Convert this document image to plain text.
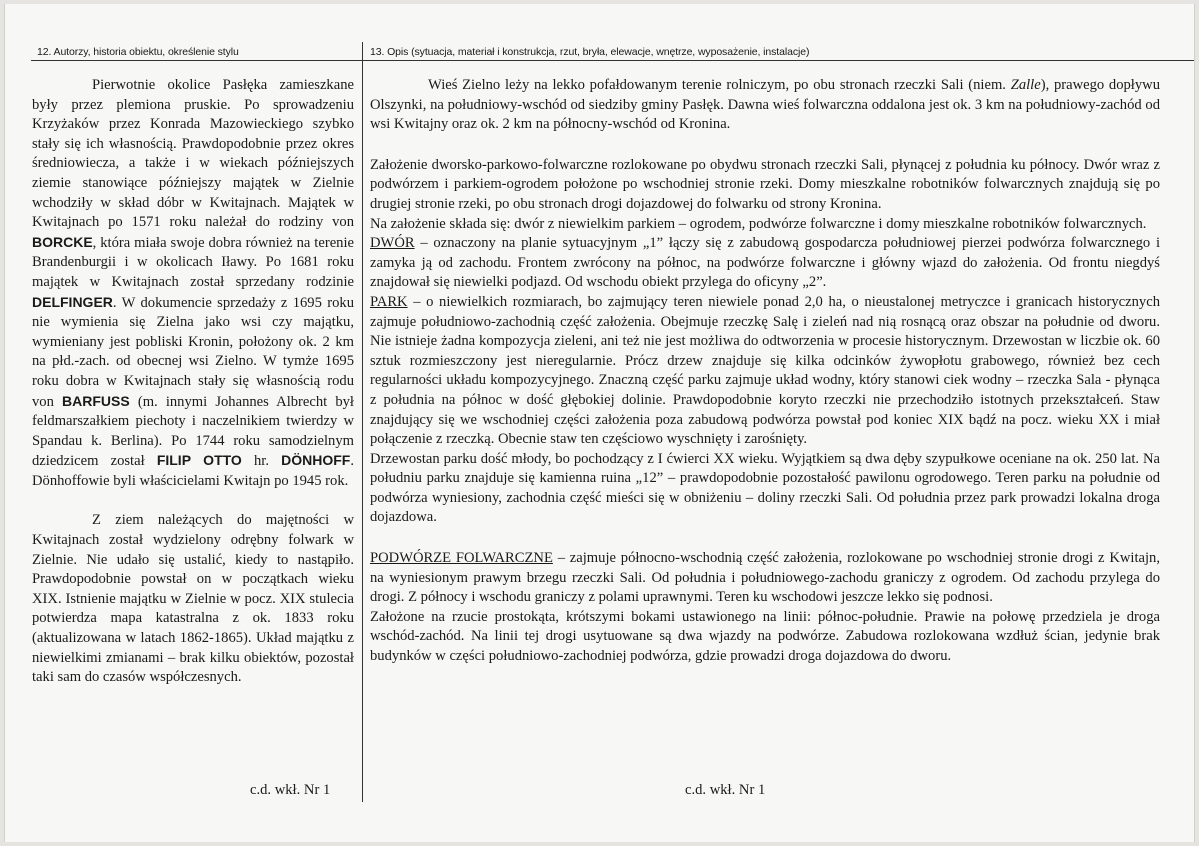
12. Autorzy, historia obiektu, określenie stylu	13. Opis (sytuacja, materiał i konstrukcja, rzut, bryła, elewacje, wnętrze, wyposażenie, instalacje)

Pierwotnie okolice Pasłęka zamieszkane były przez plemiona pruskie. Po sprowadzeniu Krzyżaków przez Konrada Mazowieckiego szybko stały się ich własnością. Prawdopodobnie przez okres średniowiecza, a także i w wiekach późniejszych ziemie stanowiące późniejszy majątek w Zielnie wchodziły w skład dóbr w Kwitajnach. Majątek w Kwitajnach po 1571 roku należał do rodziny von BORCKE, która miała swoje dobra również na terenie Brandenburgii i w okolicach Iławy. Po 1681 roku majątek w Kwitajnach został sprzedany rodzinie DELFINGER. W dokumencie sprzedaży z 1695 roku nie wymienia się Zielna jako wsi czy majątku, wymieniany jest pobliski Kronin, położony ok. 2 km na płd.-zach. od obecnej wsi Zielno. W tymże 1695 roku dobra w Kwitajnach stały się własnością rodu von BARFUSS (m. innymi Johannes Albrecht był feldmarszałkiem piechoty i naczelnikiem twierdzy w Spandau k. Berlina). Po 1744 roku samodzielnym dziedzicem został FILIP OTTO hr. DÖNHOFF. Dönhoffowie byli właścicielami Kwitajn po 1945 rok.

Z ziem należących do majętności w Kwitajnach został wydzielony odrębny folwark w Zielnie. Nie udało się ustalić, kiedy to nastąpiło. Prawdopodobnie powstał on w początkach wieku XIX. Istnienie majątku w Zielnie w pocz. XIX stulecia potwierdza mapa katastralna z ok. 1833 roku (aktualizowana w latach 1862-1865). Układ majątku z niewielkimi zmianami – brak kilku obiektów, pozostał taki sam do czasów współczesnych.

c.d. wkł. Nr 1

Wieś Zielno leży na lekko pofałdowanym terenie rolniczym, po obu stronach rzeczki Sali (niem. Zalle), prawego dopływu Olszynki, na południowy-wschód od siedziby gminy Pasłęk. Dawna wieś folwarczna oddalona jest ok. 3 km na południowy-zachód od wsi Kwitajny oraz ok. 2 km na północny-wschód od Kronina.

Założenie dworsko-parkowo-folwarczne rozlokowane po obydwu stronach rzeczki Sali, płynącej z południa ku północy. Dwór wraz z podwórzem i parkiem-ogrodem położone po wschodniej stronie rzeki. Domy mieszkalne robotników folwarcznych znajdują się po drugiej stronie rzeki, po obu stronach drogi dojazdowej do folwarku od strony Kronina.

Na założenie składa się: dwór z niewielkim parkiem – ogrodem, podwórze folwarczne i domy mieszkalne robotników folwarcznych.

DWÓR – oznaczony na planie sytuacyjnym „1” łączy się z zabudową gospodarcza południowej pierzei podwórza folwarcznego i zamyka ją od zachodu. Frontem zwrócony na północ, na podwórze folwarczne i główny wjazd do założenia. Od frontu niegdyś znajdował się niewielki podjazd. Od wschodu obiekt przylega do oficyny „2”.

PARK – o niewielkich rozmiarach, bo zajmujący teren niewiele ponad 2,0 ha, o nieustalonej metryczce i granicach historycznych zajmuje południowo-zachodnią część założenia. Obejmuje rzeczkę Salę i zieleń nad nią rosnącą oraz obszar na południe od dworu. Nie istnieje żadna kompozycja zieleni, ani też nie jest możliwa do odtworzenia w procesie historycznym. Drzewostan w liczbie ok. 60 sztuk rozmieszczony jest nieregularnie. Prócz drzew znajduje się kilka odcinków żywopłotu grabowego, również bez cech regularności układu kompozycyjnego. Znaczną część parku zajmuje układ wodny, który stanowi ciek wodny – rzeczka Sala - płynąca z południa na północ w dość głębokiej dolinie. Prawdopodobnie koryto rzeczki nie przechodziło istotnych przekształceń. Staw znajdujący się we wschodniej części założenia poza zabudową podwórza powstał pod koniec XIX bądź na pocz. wieku XX i miał połączenie z rzeczką. Obecnie staw ten częściowo wyschnięty i zarośnięty.

Drzewostan parku dość młody, bo pochodzący z I ćwierci XX wieku. Wyjątkiem są dwa dęby szypułkowe oceniane na ok. 250 lat. Na południu parku znajduje się kamienna ruina „12” – prawdopodobnie pozostałość pawilonu ogrodowego. Teren parku na południe od podwórza wyniesiony, zachodnia część mieści się w obniżeniu – doliny rzeczki Sali. Od południa przez park prowadzi lokalna droga dojazdowa.

PODWÓRZE FOLWARCZNE – zajmuje północno-wschodnią część założenia, rozlokowane po wschodniej stronie drogi z Kwitajn, na wyniesionym prawym brzegu rzeczki Sali. Od południa i południowego-zachodu graniczy z ogrodem. Od zachodu przylega do drogi. Z północy i wschodu graniczy z polami uprawnymi. Teren ku wschodowi jeszcze lekko się podnosi.

Założone na rzucie prostokąta, krótszymi bokami ustawionego na linii: północ-południe. Prawie na połowę przedziela je droga wschód-zachód. Na linii tej drogi usytuowane są dwa wjazdy na podwórze. Zabudowa rozlokowana wzdłuż ścian, jedynie brak budynków w części południowo-zachodniej podwórza, gdzie prowadzi droga dojazdowa do dworu.

c.d. wkł. Nr 1
